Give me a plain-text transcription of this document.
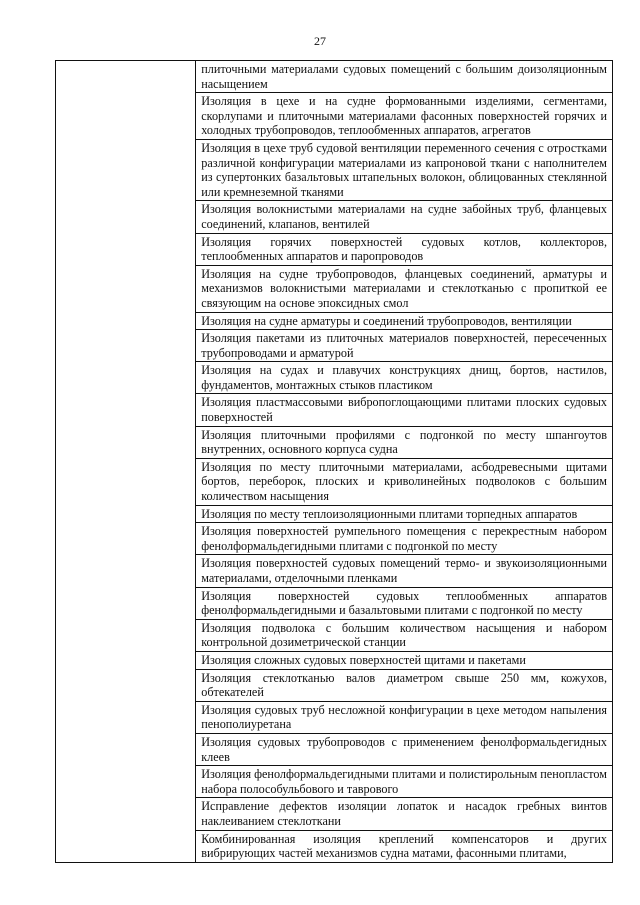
27

плиточными материалами судовых помещений с большим доизоляционным насыщением

Изоляция в цехе и на судне формованными изделиями, сегментами, скорлупами и плиточными материалами фасонных поверхностей горячих и холодных трубопроводов, теплообменных аппаратов, агрегатов

Изоляция в цехе труб судовой вентиляции переменного сечения с отростками различной конфигурации материалами из капроновой ткани с наполнителем из супертонких базальтовых штапельных волокон, облицованных стеклянной или кремнеземной тканями

Изоляция волокнистыми материалами на судне забойных труб, фланцевых соединений, клапанов, вентилей

Изоляция горячих поверхностей судовых котлов, коллекторов, теплообменных аппаратов и паропроводов

Изоляция на судне трубопроводов, фланцевых соединений, арматуры и механизмов волокнистыми материалами и стеклотканью с пропиткой ее связующим на основе эпоксидных смол

Изоляция на судне арматуры и соединений трубопроводов, вентиляции

Изоляция пакетами из плиточных материалов поверхностей, пересеченных трубопроводами и арматурой

Изоляция на судах и плавучих конструкциях днищ, бортов, настилов, фундаментов, монтажных стыков пластиком

Изоляция пластмассовыми вибропоглощающими плитами плоских судовых поверхностей

Изоляция плиточными профилями с подгонкой по месту шпангоутов внутренних, основного корпуса судна

Изоляция по месту плиточными материалами, асбодревесными щитами бортов, переборок, плоских и криволинейных подволоков с большим количеством насыщения

Изоляция по месту теплоизоляционными плитами торпедных аппаратов

Изоляция поверхностей румпельного помещения с перекрестным набором фенолформальдегидными плитами с подгонкой по месту

Изоляция поверхностей судовых помещений термо- и звукоизоляционными материалами, отделочными пленками

Изоляция поверхностей судовых теплообменных аппаратов фенолформальдегидными и базальтовыми плитами с подгонкой по месту

Изоляция подволока с большим количеством насыщения и набором контрольной дозиметрической станции

Изоляция сложных судовых поверхностей щитами и пакетами

Изоляция стеклотканью валов диаметром свыше 250 мм, кожухов, обтекателей

Изоляция судовых труб несложной конфигурации в цехе методом напыления пенополиуретана

Изоляция судовых трубопроводов с применением фенолформальдегидных клеев

Изоляция фенолформальдегидными плитами и полистирольным пенопластом набора полособульбового и таврового

Исправление дефектов изоляции лопаток и насадок гребных винтов наклеиванием стеклоткани

Комбинированная изоляция креплений компенсаторов и других вибрирующих частей механизмов судна матами, фасонными плитами,
